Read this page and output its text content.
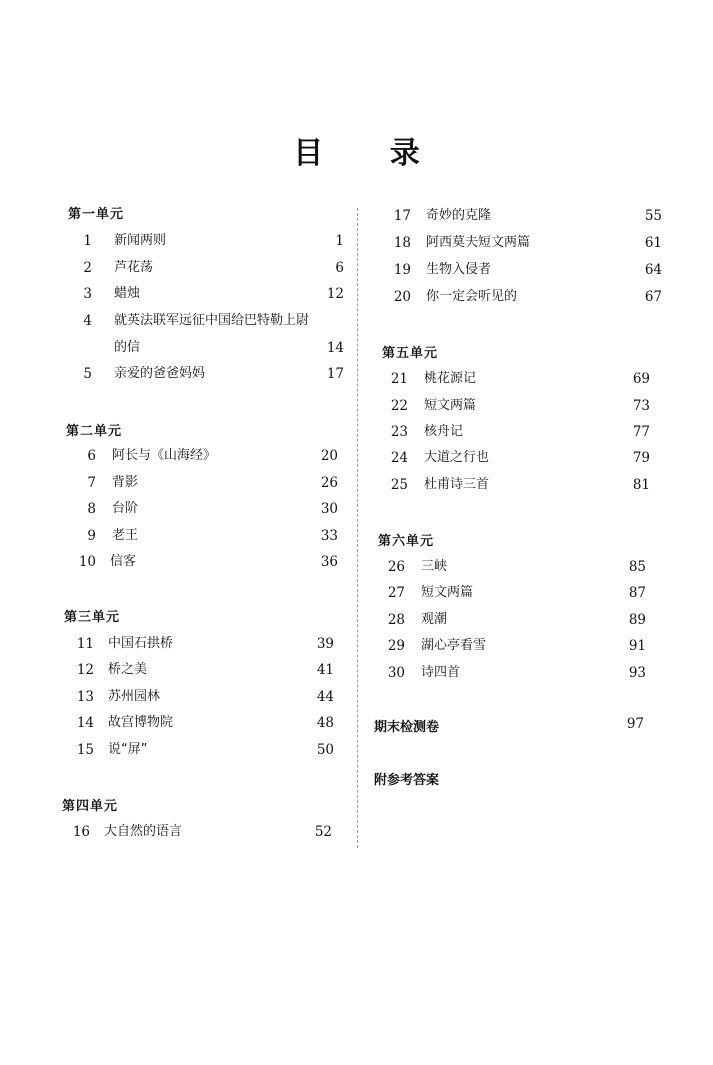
目 录
第一单元
1 新闻两则	1
2 芦花荡	6
3 蜡烛	12
4 就英法联军远征中国给巴特勒上尉
的信	14
5 亲爱的爸爸妈妈	17
第二单元
6 阿长与《山海经》	20
7 背影	26
8 台阶	30
9 老王	33
10 信客	36
第三单元
11 中国石拱桥	39
12 桥之美	41
13 苏州园林	44
14 故宫博物院	48
15 说“屏”	50
第四单元
16 大自然的语言	52
17 奇妙的克隆	55
18 阿西莫夫短文两篇	61
19 生物入侵者	64
20 你一定会听见的	67
第五单元
21 桃花源记	69
22 短文两篇	73
23 核舟记	77
24 大道之行也	79
25 杜甫诗三首	81
第六单元
26 三峡	85
27 短文两篇	87
28 观潮	89
29 湖心亭看雪	91
30 诗四首	93
期末检测卷	97
附参考答案
